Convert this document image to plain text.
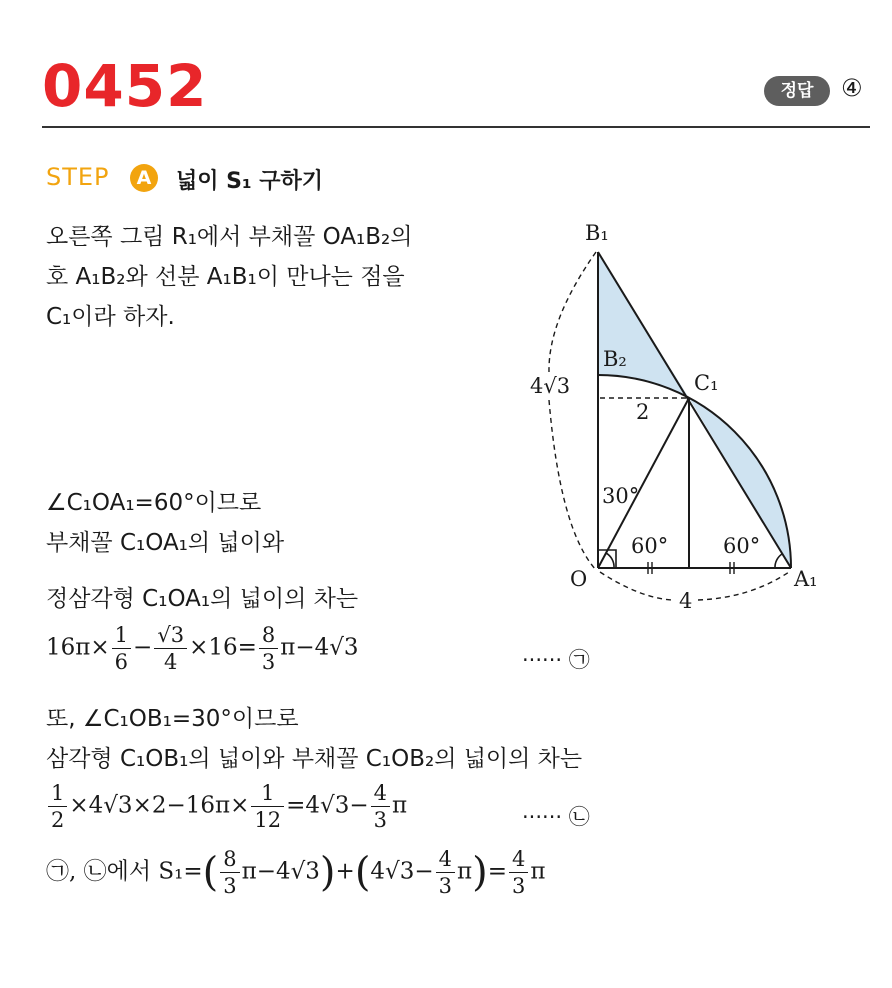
0452	정답	④
STEP	A	넓이 S₁ 구하기
오른쪽 그림 R₁에서 부채꼴 OA₁B₂의
호 A₁B₂와 선분 A₁B₁이 만나는 점을
C₁이라 하자.
∠C₁OA₁=60°이므로
부채꼴 C₁OA₁의 넓이와
정삼각형 C₁OA₁의 넓이의 차는
$16\pi\times \frac{1}{6} - \frac{√3}{4} \times 16= \frac{8}{3} \pi-4√3$	······ ㉠
또, ∠C₁OB₁=30°이므로
삼각형 C₁OB₁의 넓이와 부채꼴 C₁OB₂의 넓이의 차는
$\frac{1}{2} \times 4√3\times 2-16\pi\times \frac{1}{12} =4√3- \frac{4}{3}$ π	······ ㉡
㉠, ㉡에서 $S_1=( \frac{8}{3} \pi-4√3)+(4√3- \frac{4}{3} \pi)= \frac{4}{3}$ π
B₁
B₂
C₁
O	A₁
4√3
2
30°
60°	60°
4
